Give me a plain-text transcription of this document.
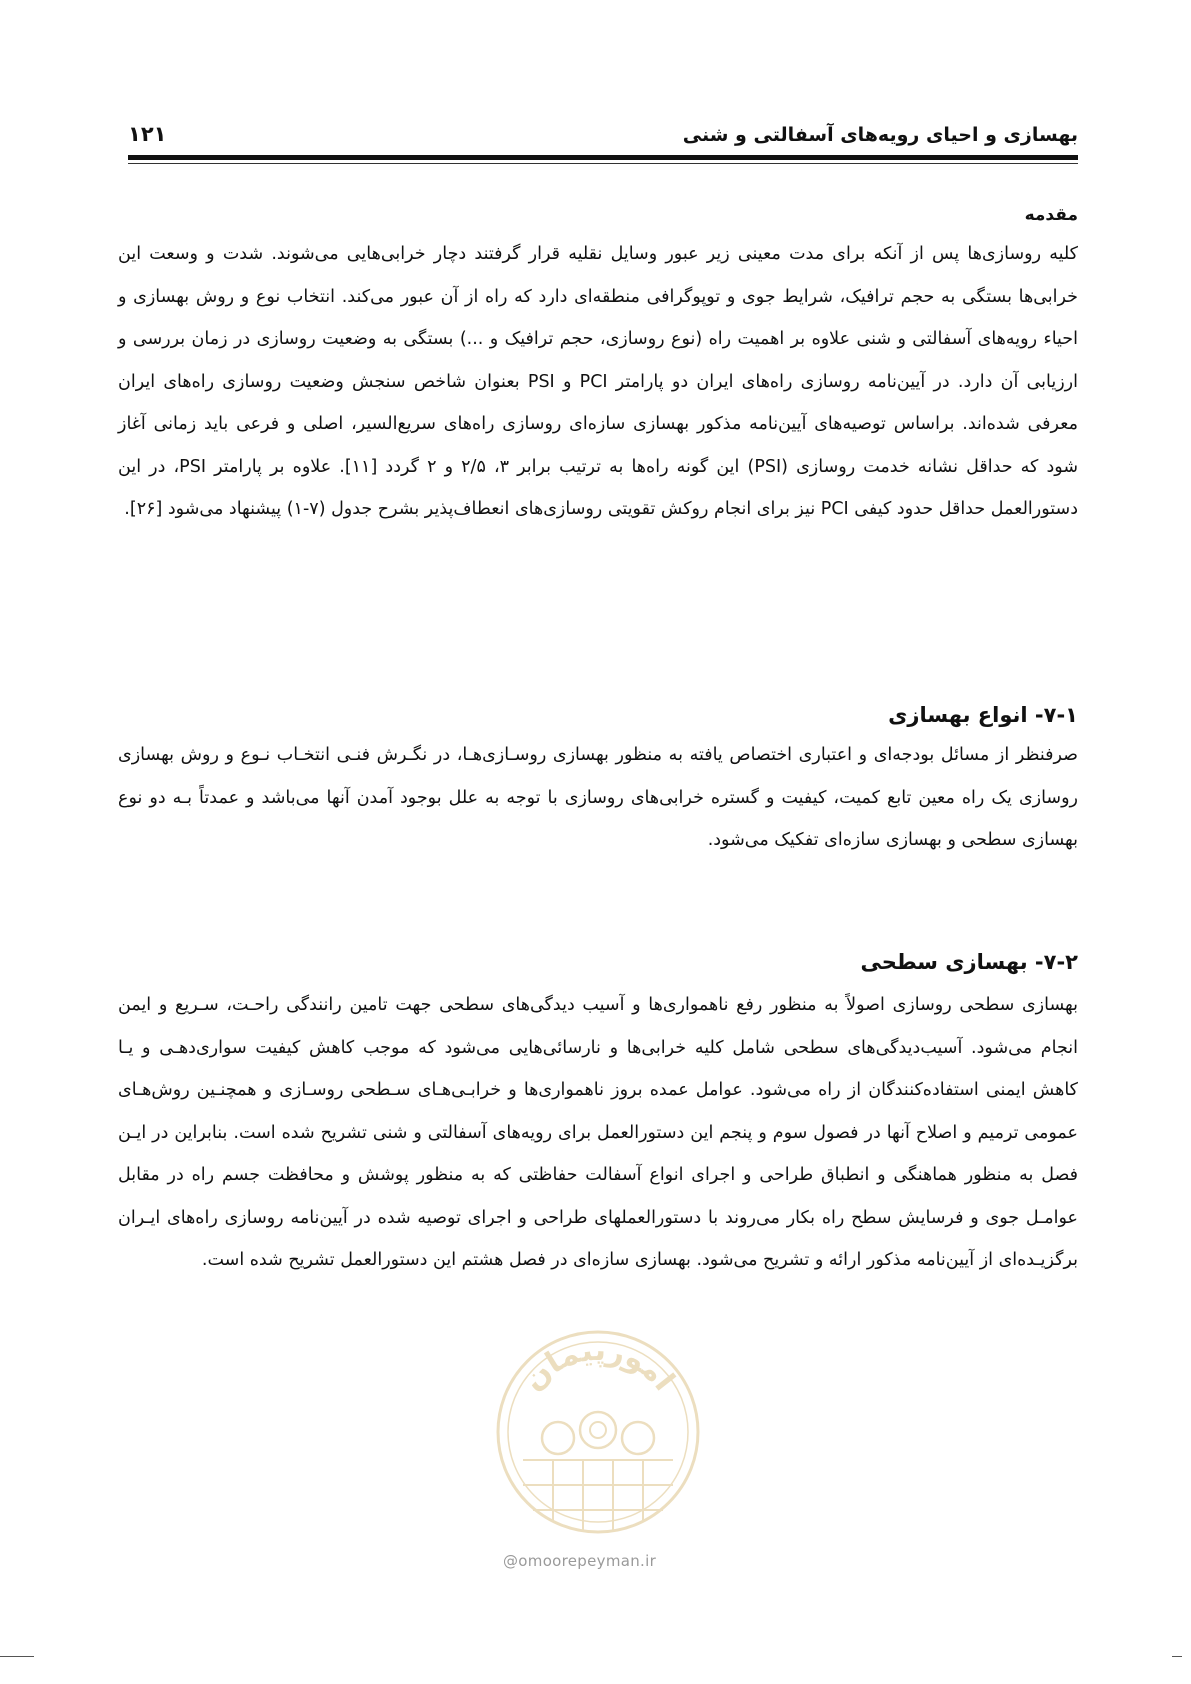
۱۲۱	بهسازی و احیای رویه‌های آسفالتی و شنی
مقدمه
کلیه روسازی‌ها پس از آنکه برای مدت معینی زیر عبور وسایل نقلیه قرار گرفتند دچار خرابی‌هایی می‌شوند. شدت و وسعت این خرابی‌ها بستگی به حجم ترافیک، شرایط جوی و توپوگرافی منطقه‌ای دارد که راه از آن عبور می‌کند. انتخاب نوع و روش بهسازی و احیاء رویه‌های آسفالتی و شنی علاوه بر اهمیت راه (نوع روسازی، حجم ترافیک و ...) بستگی به وضعیت روسازی در زمان بررسی و ارزیابی آن دارد. در آیین‌نامه روسازی راه‌های ایران دو پارامتر PCI و PSI بعنوان شاخص سنجش وضعیت روسازی راه‌های ایران معرفی شده‌اند. براساس توصیه‌های آیین‌نامه مذکور بهسازی سازه‌ای روسازی راه‌های سریع‌السیر، اصلی و فرعی باید زمانی آغاز شود که حداقل نشانه خدمت روسازی (PSI) این گونه راه‌ها به ترتیب برابر ۳، ۲/۵ و ۲ گردد [۱۱]. علاوه بر پارامتر PSI، در این دستورالعمل حداقل حدود کیفی PCI نیز برای انجام روکش تقویتی روسازی‌های انعطاف‌پذیر بشرح جدول (۷-۱) پیشنهاد می‌شود [۲۶].
۷-۱- انواع بهسازی
صرفنظر از مسائل بودجه‌ای و اعتباری اختصاص یافته به منظور بهسازی روسـازی‌هـا، در نگـرش فنـی انتخـاب نـوع و روش بهسازی روسازی یک راه معین تابع کمیت، کیفیت و گستره خرابی‌های روسازی با توجه به علل بوجود آمدن آنها می‌باشد و عمدتاً بـه دو نوع بهسازی سطحی و بهسازی سازه‌ای تفکیک می‌شود.
۷-۲- بهسازی سطحی
بهسازی سطحی روسازی اصولاً به منظور رفع ناهمواری‌ها و آسیب دیدگی‌های سطحی جهت تامین رانندگی راحـت، سـریع و ایمن انجام می‌شود. آسیب‌دیدگی‌های سطحی شامل کلیه خرابی‌ها و نارسائی‌هایی می‌شود که موجب کاهش کیفیت سواری‌دهـی و یـا کاهش ایمنی استفاده‌کنندگان از راه می‌شود. عوامل عمده بروز ناهمواری‌ها و خرابـی‌هـای سـطحی روسـازی و همچنـین روش‌هـای عمومی ترمیم و اصلاح آنها در فصول سوم و پنجم این دستورالعمل برای رویه‌های آسفالتی و شنی تشریح شده است. بنابراین در ایـن فصل به منظور هماهنگی و انطباق طراحی و اجرای انواع آسفالت حفاظتی که به منظور پوشش و محافظت جسم راه در مقابل عوامـل جوی و فرسایش سطح راه بکار می‌روند با دستورالعملهای طراحی و اجرای توصیه شده در آیین‌نامه روسازی راه‌های ایـران برگزیـده‌ای از آیین‌نامه مذکور ارائه و تشریح می‌شود. بهسازی سازه‌ای در فصل هشتم این دستورالعمل تشریح شده است.
امورپیمان
@omoorepeyman.ir
